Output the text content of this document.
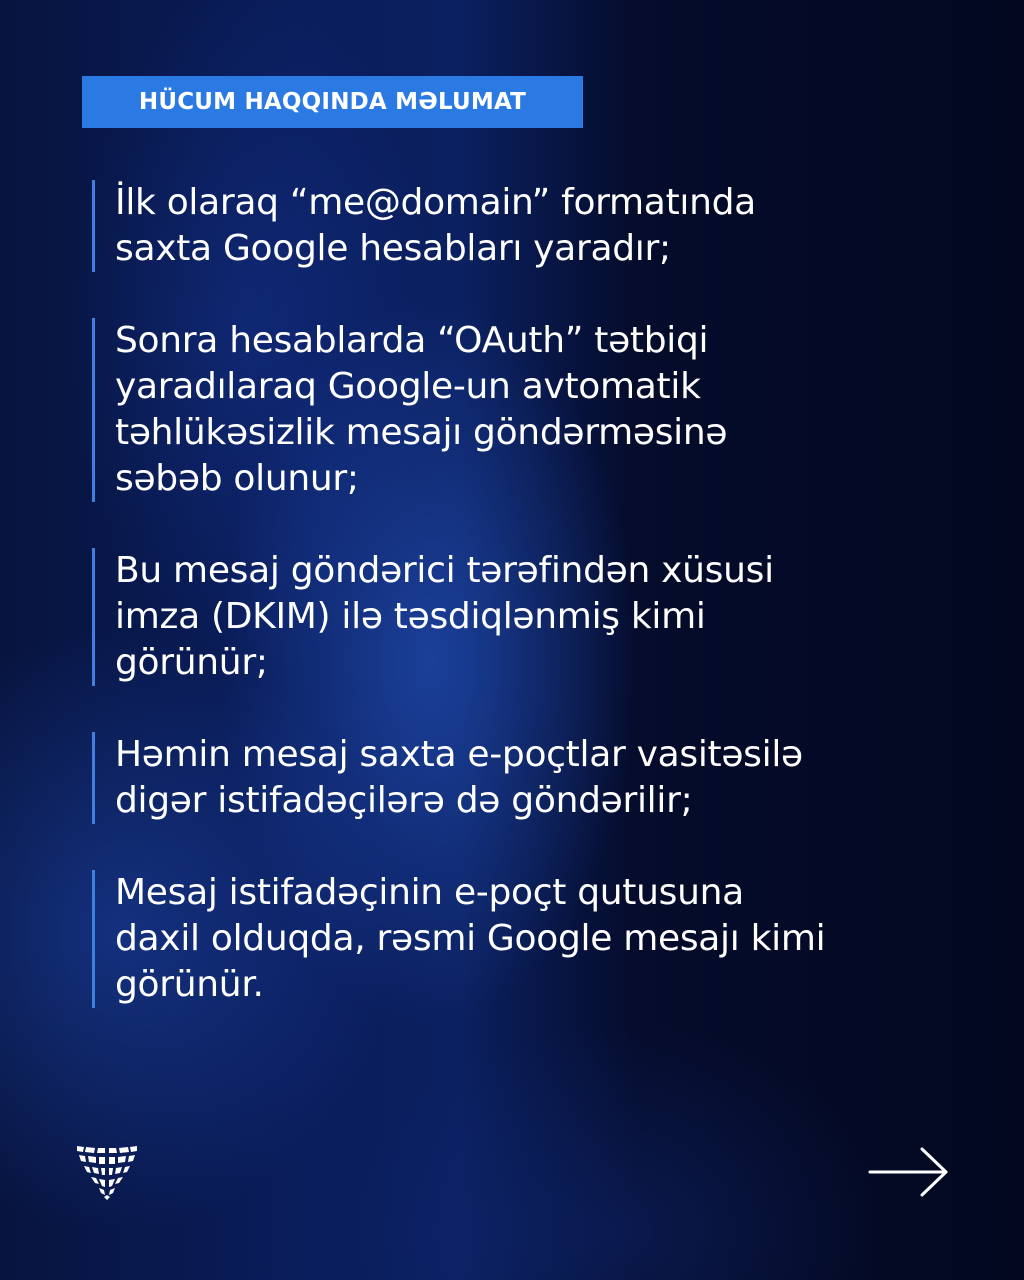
HÜCUM HAQQINDA MƏLUMAT
İlk olaraq “me@domain” formatında
saxta Google hesabları yaradır;
Sonra hesablarda “OAuth” tətbiqi
yaradılaraq Google-un avtomatik
təhlükəsizlik mesajı göndərməsinə
səbəb olunur;
Bu mesaj göndərici tərəfindən xüsusi
imza (DKIM) ilə təsdiqlənmiş kimi
görünür;
Həmin mesaj saxta e-poçtlar vasitəsilə
digər istifadəçilərə də göndərilir;
Mesaj istifadəçinin e-poçt qutusuna
daxil olduqda, rəsmi Google mesajı kimi
görünür.
